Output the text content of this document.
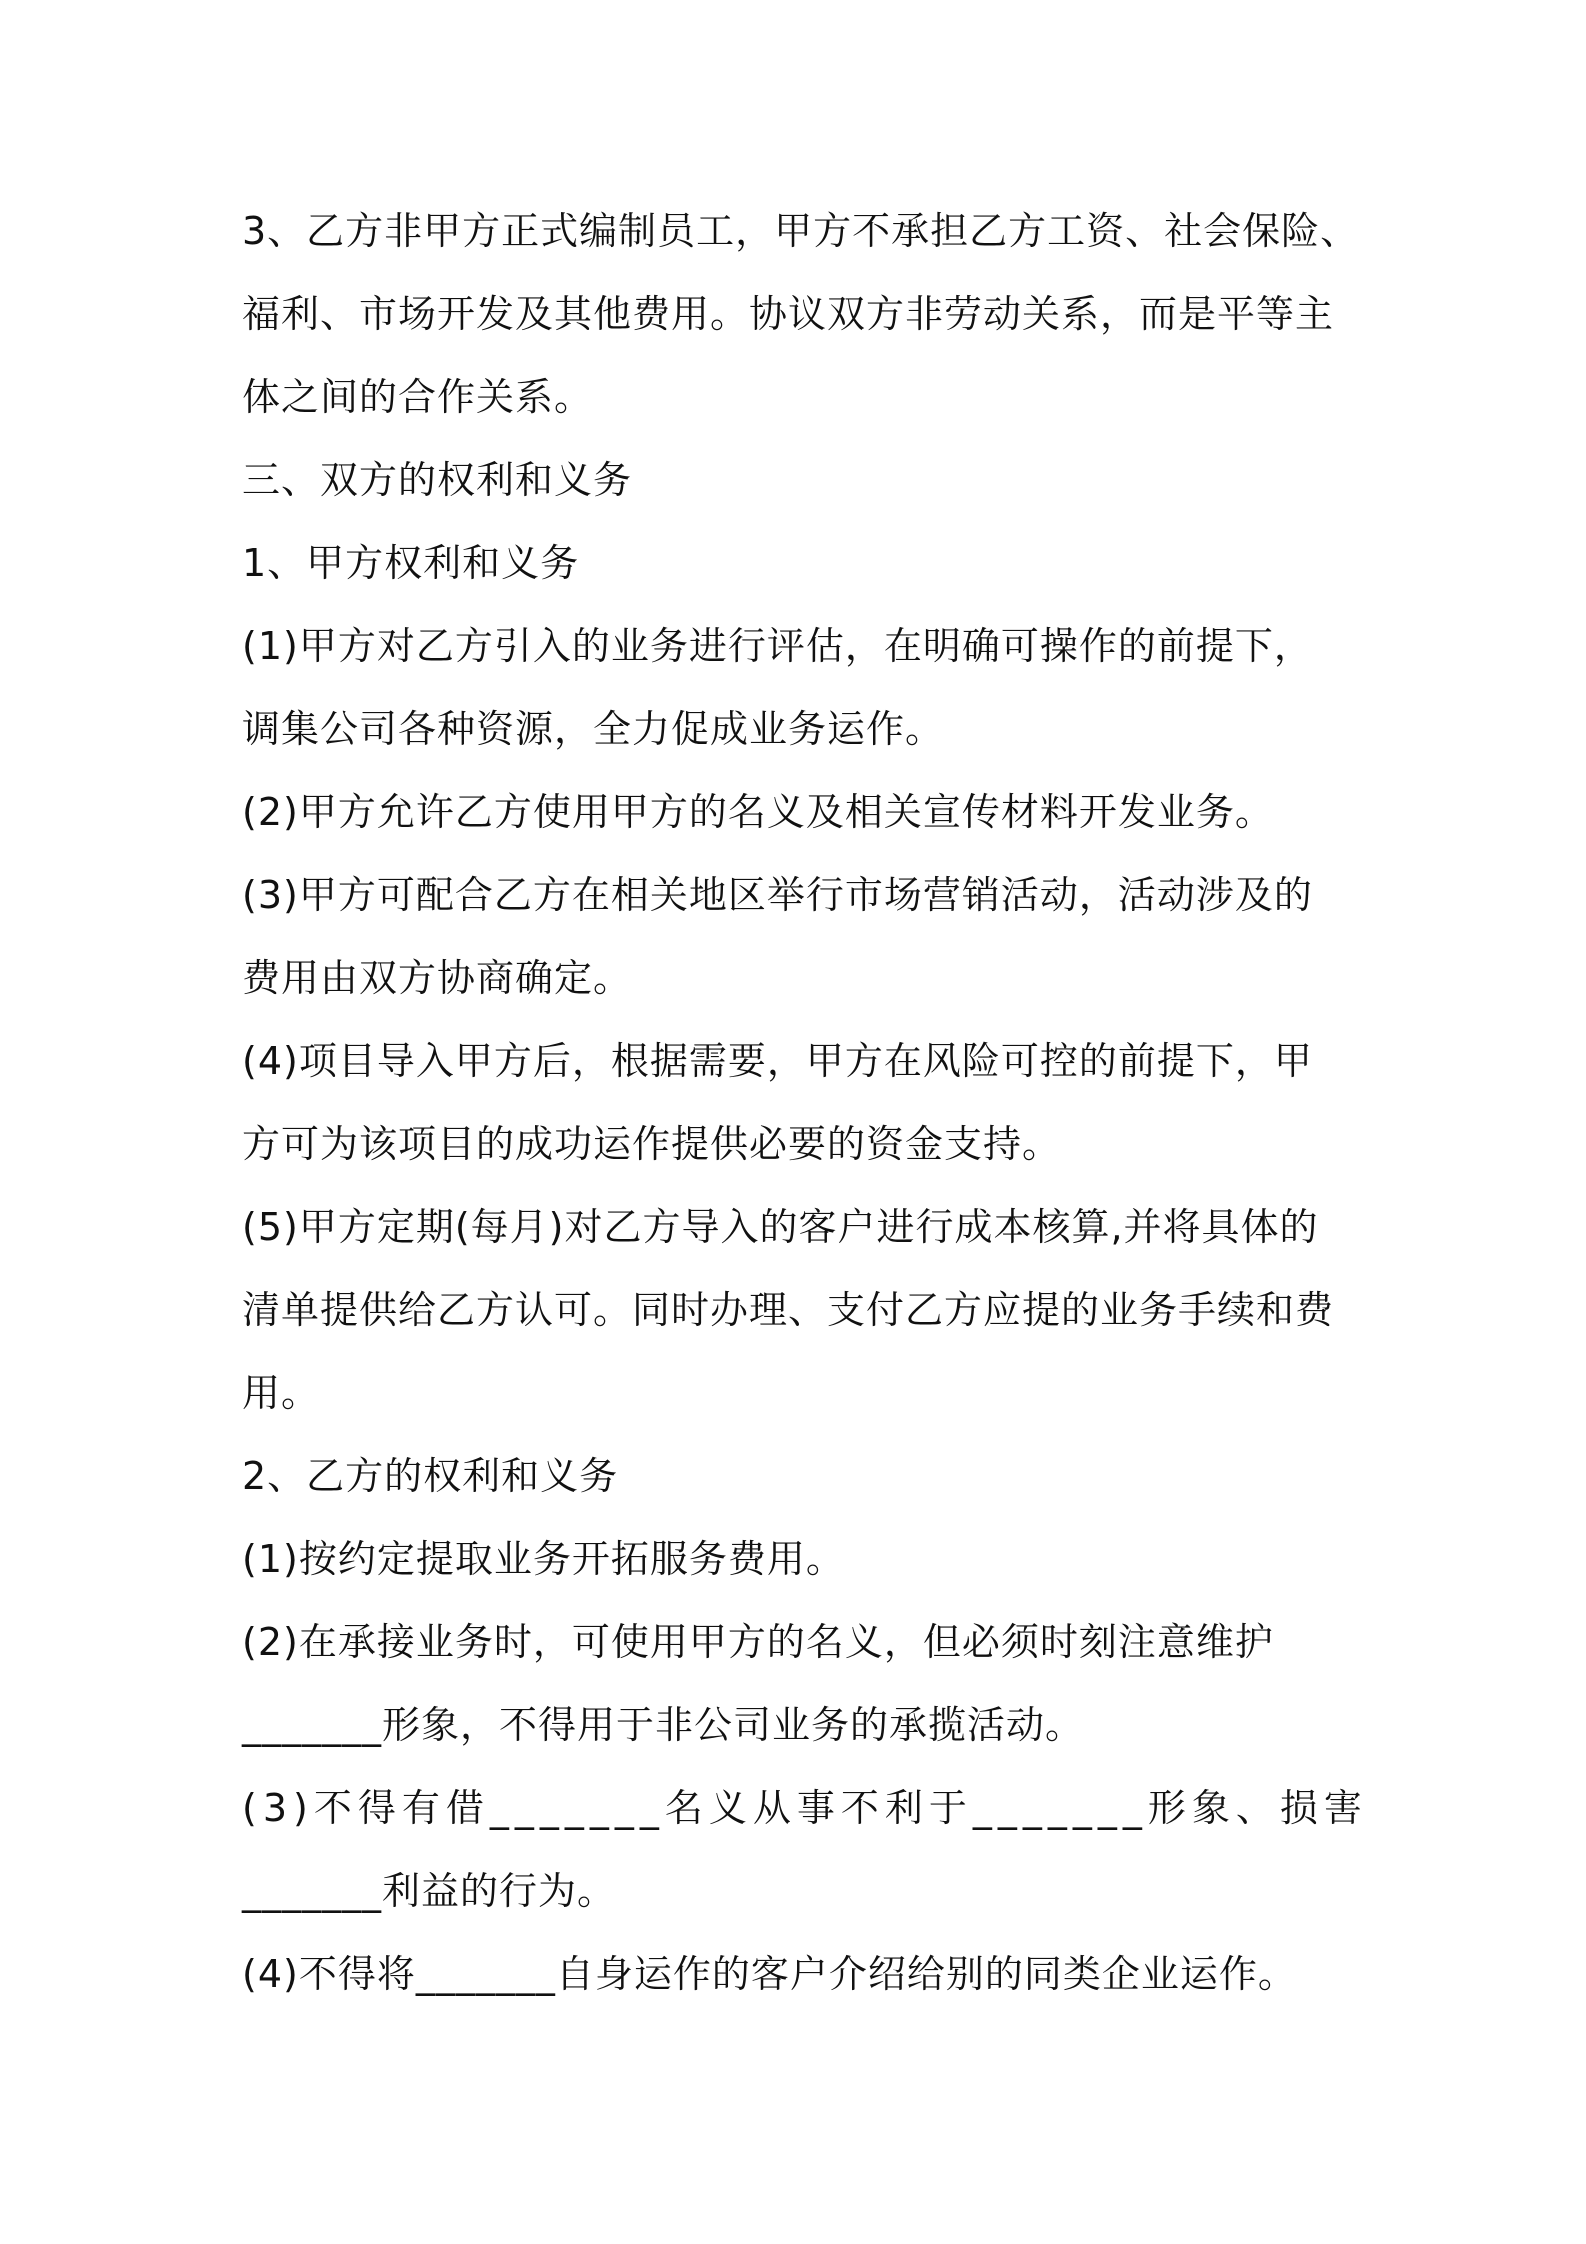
3、乙方非甲方正式编制员工，甲方不承担乙方工资、社会保险、
福利、市场开发及其他费用。协议双方非劳动关系，而是平等主
体之间的合作关系。
三、双方的权利和义务
1、甲方权利和义务
(1)甲方对乙方引入的业务进行评估，在明确可操作的前提下，
调集公司各种资源，全力促成业务运作。
(2)甲方允许乙方使用甲方的名义及相关宣传材料开发业务。
(3)甲方可配合乙方在相关地区举行市场营销活动，活动涉及的
费用由双方协商确定。
(4)项目导入甲方后，根据需要，甲方在风险可控的前提下，甲
方可为该项目的成功运作提供必要的资金支持。
(5)甲方定期(每月)对乙方导入的客户进行成本核算,并将具体的
清单提供给乙方认可。同时办理、支付乙方应提的业务手续和费
用。
2、乙方的权利和义务
(1)按约定提取业务开拓服务费用。
(2)在承接业务时，可使用甲方的名义，但必须时刻注意维护
_______形象，不得用于非公司业务的承揽活动。
(3)不得有借_______名义从事不利于_______形象、损害
_______利益的行为。
(4)不得将_______自身运作的客户介绍给别的同类企业运作。
